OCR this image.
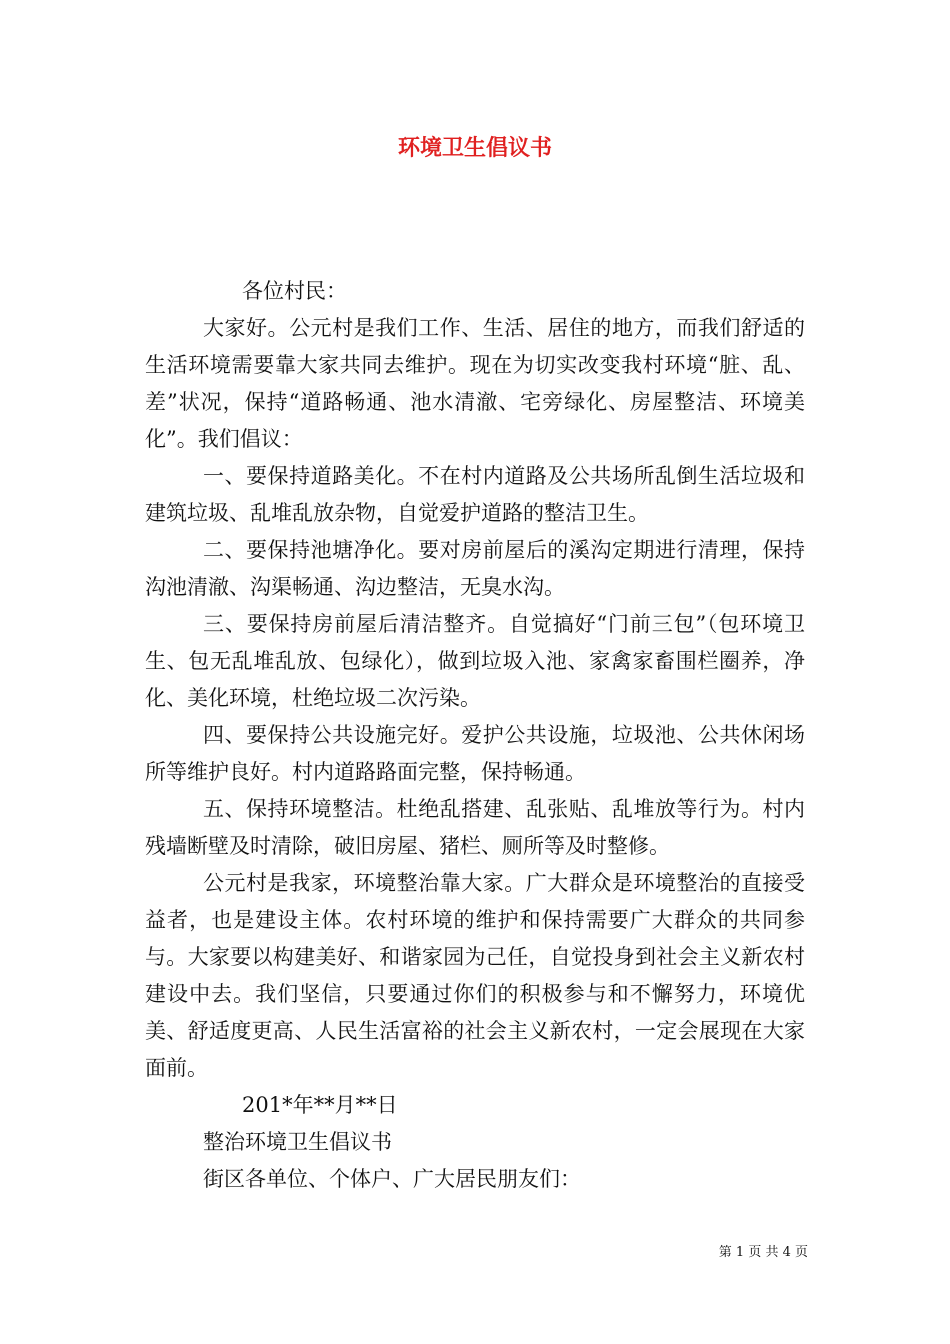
环境卫生倡议书

各位村民：

大家好。公元村是我们工作、生活、居住的地方，而我们舒适的生活环境需要靠大家共同去维护。现在为切实改变我村环境“脏、乱、差”状况，保持“道路畅通、池水清澈、宅旁绿化、房屋整洁、环境美化”。我们倡议：

一、要保持道路美化。不在村内道路及公共场所乱倒生活垃圾和建筑垃圾、乱堆乱放杂物，自觉爱护道路的整洁卫生。

二、要保持池塘净化。要对房前屋后的溪沟定期进行清理，保持沟池清澈、沟渠畅通、沟边整洁，无臭水沟。

三、要保持房前屋后清洁整齐。自觉搞好“门前三包”（包环境卫生、包无乱堆乱放、包绿化），做到垃圾入池、家禽家畜围栏圈养，净化、美化环境，杜绝垃圾二次污染。

四、要保持公共设施完好。爱护公共设施，垃圾池、公共休闲场所等维护良好。村内道路路面完整，保持畅通。

五、保持环境整洁。杜绝乱搭建、乱张贴、乱堆放等行为。村内残墙断壁及时清除，破旧房屋、猪栏、厕所等及时整修。

公元村是我家，环境整治靠大家。广大群众是环境整治的直接受益者，也是建设主体。农村环境的维护和保持需要广大群众的共同参与。大家要以构建美好、和谐家园为己任，自觉投身到社会主义新农村建设中去。我们坚信，只要通过你们的积极参与和不懈努力，环境优美、舒适度更高、人民生活富裕的社会主义新农村，一定会展现在大家面前。

201*年**月**日

整治环境卫生倡议书

街区各单位、个体户、广大居民朋友们：

第 1 页 共 4 页
